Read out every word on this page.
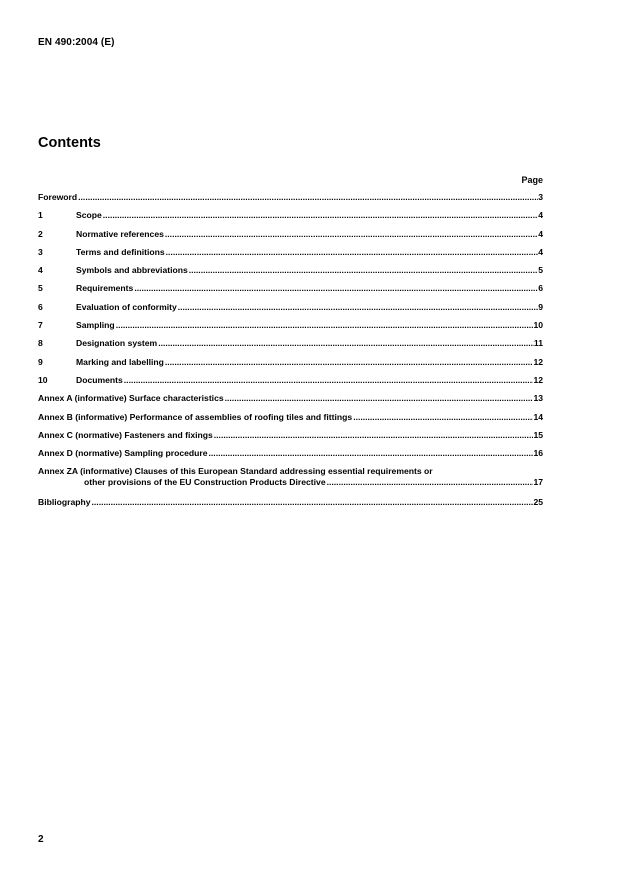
EN 490:2004 (E)
Contents
Page
Foreword .....	3
1	Scope .....	4
2	Normative references .....	4
3	Terms and definitions .....	4
4	Symbols and abbreviations .....	5
5	Requirements .....	6
6	Evaluation of conformity .....	9
7	Sampling .....	10
8	Designation system .....	11
9	Marking and labelling .....	12
10	Documents .....	12
Annex A (informative) Surface characteristics .....	13
Annex B (informative) Performance of assemblies of roofing tiles and fittings .....	14
Annex C (normative) Fasteners and fixings .....	15
Annex D (normative) Sampling procedure .....	16
Annex ZA (informative) Clauses of this European Standard addressing essential requirements or
other provisions of the EU Construction Products Directive .....	17
Bibliography .....	25
2
